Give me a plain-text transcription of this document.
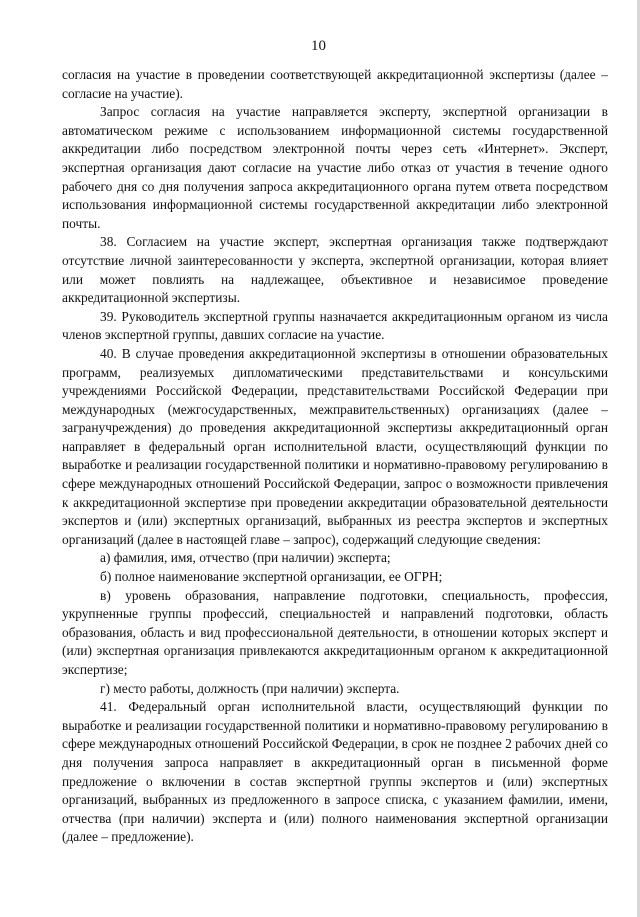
10

согласия на участие в проведении соответствующей аккредитационной экспертизы (далее – согласие на участие).

Запрос согласия на участие направляется эксперту, экспертной организации в автоматическом режиме с использованием информационной системы государственной аккредитации либо посредством электронной почты через сеть «Интернет». Эксперт, экспертная организация дают согласие на участие либо отказ от участия в течение одного рабочего дня со дня получения запроса аккредитационного органа путем ответа посредством использования информационной системы государственной аккредитации либо электронной почты.

38. Согласием на участие эксперт, экспертная организация также подтверждают отсутствие личной заинтересованности у эксперта, экспертной организации, которая влияет или может повлиять на надлежащее, объективное и независимое проведение аккредитационной экспертизы.

39. Руководитель экспертной группы назначается аккредитационным органом из числа членов экспертной группы, давших согласие на участие.

40. В случае проведения аккредитационной экспертизы в отношении образовательных программ, реализуемых дипломатическими представительствами и консульскими учреждениями Российской Федерации, представительствами Российской Федерации при международных (межгосударственных, межправительственных) организациях (далее – загранучреждения) до проведения аккредитационной экспертизы аккредитационный орган направляет в федеральный орган исполнительной власти, осуществляющий функции по выработке и реализации государственной политики и нормативно-правовому регулированию в сфере международных отношений Российской Федерации, запрос о возможности привлечения к аккредитационной экспертизе при проведении аккредитации образовательной деятельности экспертов и (или) экспертных организаций, выбранных из реестра экспертов и экспертных организаций (далее в настоящей главе – запрос), содержащий следующие сведения:

а) фамилия, имя, отчество (при наличии) эксперта;

б) полное наименование экспертной организации, ее ОГРН;

в) уровень образования, направление подготовки, специальность, профессия, укрупненные группы профессий, специальностей и направлений подготовки, область образования, область и вид профессиональной деятельности, в отношении которых эксперт и (или) экспертная организация привлекаются аккредитационным органом к аккредитационной экспертизе;

г) место работы, должность (при наличии) эксперта.

41. Федеральный орган исполнительной власти, осуществляющий функции по выработке и реализации государственной политики и нормативно-правовому регулированию в сфере международных отношений Российской Федерации, в срок не позднее 2 рабочих дней со дня получения запроса направляет в аккредитационный орган в письменной форме предложение о включении в состав экспертной группы экспертов и (или) экспертных организаций, выбранных из предложенного в запросе списка, с указанием фамилии, имени, отчества (при наличии) эксперта и (или) полного наименования экспертной организации (далее – предложение).
